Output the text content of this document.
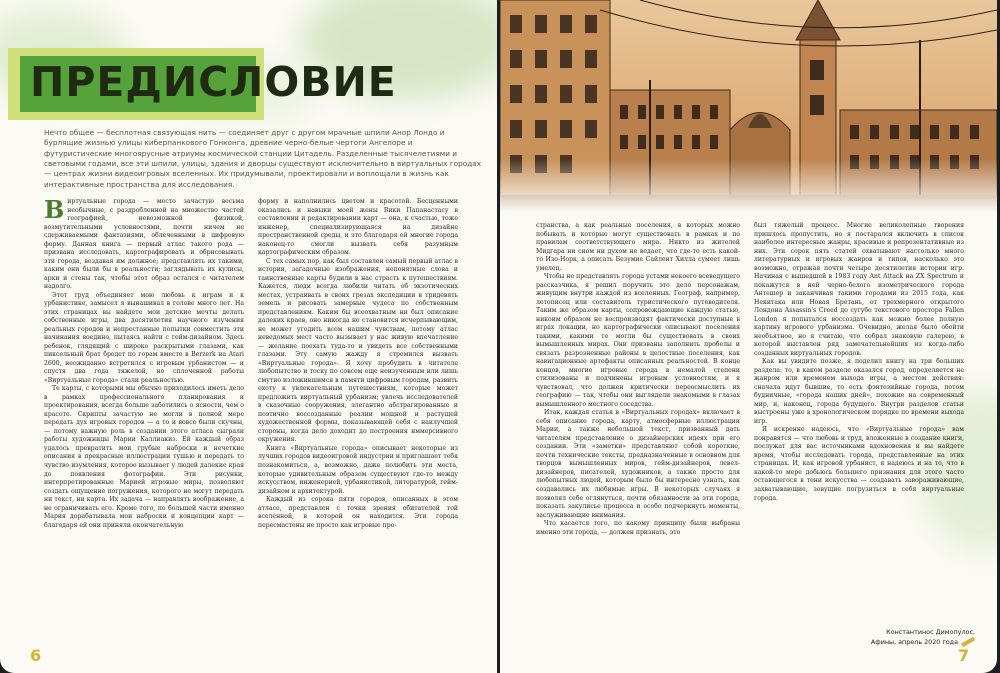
ПРЕДИСЛОВИЕ
Нечто общее — бесплотная связующая нить — соединяет друг с другом мрачные шпили Анор Лондо и бурлящие жизнью улицы киберпанкового Гонконга, древние черно-белые чертоги Ангелоре и футуристические многоярусные атриумы космической станции Цитадель. Разделенные тысячелетиями и световыми годами, все эти шпили, улицы, здания и дворцы существуют исключительно в виртуальных городах — центрах жизни видеоигровых вселенных. Их придумывали, проектировали и воплощали в жизнь как интерактивные пространства для исследования.
В иртуальные города — место зачастую весьма необычные, с раздробленной на множество частей географией, невозможной физикой, возмутительными условностями, почти ничем не сдерживаемыми фантазиями, облеченными в цифровую форму. Данная книга — первый атлас такого рода — призвана исследовать, картографировать и обрисовывать эти города, воздавая им должное; представлять их такими, каким они были бы в реальности; заглядывать их кулисы, арки и стены так, чтобы этот образ остался с читателем надолго.

Этот труд объединяет мою любовь к играм и к урбанистике, замысел я вынашивал в голове много лет. На этих страницах вы найдете мои детские мечты делать собственные игры, два десятилетия научного изучения реальных городов и непрестанные попытки совместить эти начинания воедино, пытаясь найти с гейм-дизайном. Здесь ребенок, глядящий с широко раскрытыми глазами, как пиксельный брат бредет по горам вместе в Berzerk на Atari 2600, неожиданно встретился с игровым урбанистом — и спустя два года тяжелой, но сплоченной работы «Виртуальные города» стали реальностью.

Те карты, с которыми мы обычно приходилось иметь дело в рамках профессионального планирования и проектирования, всегда больше заботились о ясности, чем о красоте. Скрипты зачастую не могли в полной мере передать дух игровых городов — а то и вовсе были скучны, — потому важную роль в создании этого атласа сыграли работы художницы Марии Каллиакиз. Ей каждый образ удалось превратить мои грубые наброски и нечеткие описания в прекрасные иллюстрации тушью и передать то чувство изумления, которое вызывает у людей далекие края до появления фотографии. Эти рисунки, интерпретированные Марией игровые миры, позволяют создать ощущение погружения, которого не могут передать ни текст, ни карта. Их задача — направлять воображение, а не ограничивать его. Кроме того, по большей части именно Мария дорабатывала мои наброски и концепции карт — благодаря ей они приняли окончательную

форму и наполнились цветом и красотой. Бесценными оказались и навыки моей жены Вики Папанастасу в составлении и редактировании карт — она, к счастью, тоже инженер, специализирующаяся на дизайне пространственной среды, и это благодаря ей многие города наконец-то смогли вызвать себя разумным картографическим образом.

С тех самых пор, как был составлен самый первый атлас в истории, загадочные изображения, непонятные слова и таинственные карты будили в нас страсть к путешествиям. Кажется, люди всегда любили читать об экзотических местах, устраивать в своих грезах экспедиции в тридевять земель и рисовать замерные чудеса по собственным представлениям. Каким бы всеохватным ни был описание далеких краев, оно никогда не становится исчерпывающим, не может угодить всем нашим чувствам, потому атлас неведомых мест часто вызывает у нас живую впечатление — желание поехать туда-то и увидеть все собственными глазами. Эту самую жажду я стремился вызвать «Виртуальные города». Я хочу пробудить в читателе любопытство и тоску по совсем еще неизученным или лишь смутно изложившимся в памяти цифровым городам, развить охоту к увлекательным путешествиям, которые может предложить виртуальный урбанизм; увлечь исследователей в сказочные сооружения, элегантно абстрагированные и поэтично воссозданные реалии мощной и растущей художественной формы, показывающей себя с наилучшей стороны, когда дело доходит до построения иммерсивного окружения.

Книга «Виртуальные города» описывает некоторые из лучших городов видеоигровой индустрии и приглашает тебя познакомиться, а, возможно, даже полюбить эти места, которые удивительным образом существуют где-то между искусством, инженерией, урбанистикой, литературой, гейм-дизайном и архитектурой.

Каждый из сорока пяти городов, описанных в этом атласе, представлен с точки зрения обитателей той вселенной, в которой он находится. Эти города пересмастены не просто как игровые про-

6

странства, а как реальные поселения, в которых можно побывать и которые могут существовать в рамках и по правилам соответствующего мира. Никто из жителей Мидгара ни сном ни духом не ведает, что где-то есть какой-то Изо-Норк, а описать Безумие Сайлент Хилла сумеет лишь умелец.

Чтобы не представлять города устами некоего всеведущего рассказчика, я решил поручить это дело персонажам, живущим внутри каждой из вселенных. Географ, например, летописец или составитель туристического путеводителя. Таким же образом карты, сопровождающие каждую статью, никоим образом не воспроизводят фактически доступные в играх локации, но картографически описывают поселения такими, какими те могли бы существовать в своих вымышленных мирах. Они призваны заполнить пробелы и связать разрозненные районы в целостные поселения, как навигационные артефакты описанных реальностей. В конце концов, многие игровые города в немалой степени стилизованы и подчинены игровым условностям, и я чувствовал, что должен критически переосмыслить их географию — так, чтобы они выглядели знакомыми в глазах вымышленного местного соседства.

Итак, каждая статья в «Виртуальных городах» включает в себя описание города, карту, атмосферные иллюстрации Марии, а также небольшой текст, призванный дать читателям представление о дизайнерских идеях при его создании. Эти «заметки» представляют собой короткие, почти технические тексты, предназначенные в основном для творцов вымышленных миров, гейм-дизайнеров, левел-дизайнеров, писателей, художников, а также просто для любопытных людей, которым было бы интересно узнать, как создавались их любимые игры. В некоторых случаях я позволял себе оглянуться, почти обязанности за эти города, показать закулисье процесса и особо подчеркнуть моменты, заслуживающие внимания.

Что касается того, по какому принципу были выбраны именно эти города, — должен признать, это

был тяжелый процесс. Многие великолепные творения пришлось пропустить, но я постарался включить в список наиболее интересные жанры, красивые и репрезентативные из них. Эти сорок пять статей охватывают настолько много литературных и игровых жанров и типов, насколько это возможно, отражая почти четыре десятилетия истории игр. Начиная с вышедшей в 1983 году Ant Attack на ZX Spectrum и покажутся в ней черно-белого изометрического города Антешер и заканчивая такими городами из 2015 года, как Некитака или Новая Бретань, от трехмерного открытого Лондона Assassin's Creed до сугубо текстового простора Fallen London я попытался воссоздать как можно более полную картину игрового урбанизма. Очевидно, желая было обойти необъятное, но я считаю, что собрал знаковую галерею, в которой выставлен ряд замечательнейших из когда-либо созданных виртуальных городов.

Как вы увидите позже, я поделил книгу на три больших раздела: то, в каком разделе оказался город, определяется не жанром или временем выхода игры, а местом действия: сначала идут бывшие, то есть фэнтезийные города, потом будничные, «города наших дней», похожие на современный мир, и, наконец, города будущего. Внутри разделов статьи выстроены уже в хронологическом порядке по времени выхода игр.

Я искренне надеюсь, что «Виртуальные города» вам понравятся — что любовь и труд, вложенные в создание книги, послужат для вас источниками вдохновения и вы найдете время, чтобы исследовать города, представленные на этих страницах. И, как игровой урбанист, я надеюсь и на то, что в какой-то мере добьюсь большего признания для этого часто остающегося в тени искусства — создавать завораживающие, захватывающие, зовущие погрузиться в себя виртуальные города.

Константинос Димопулос,
Афины, апрель 2020 года
7
